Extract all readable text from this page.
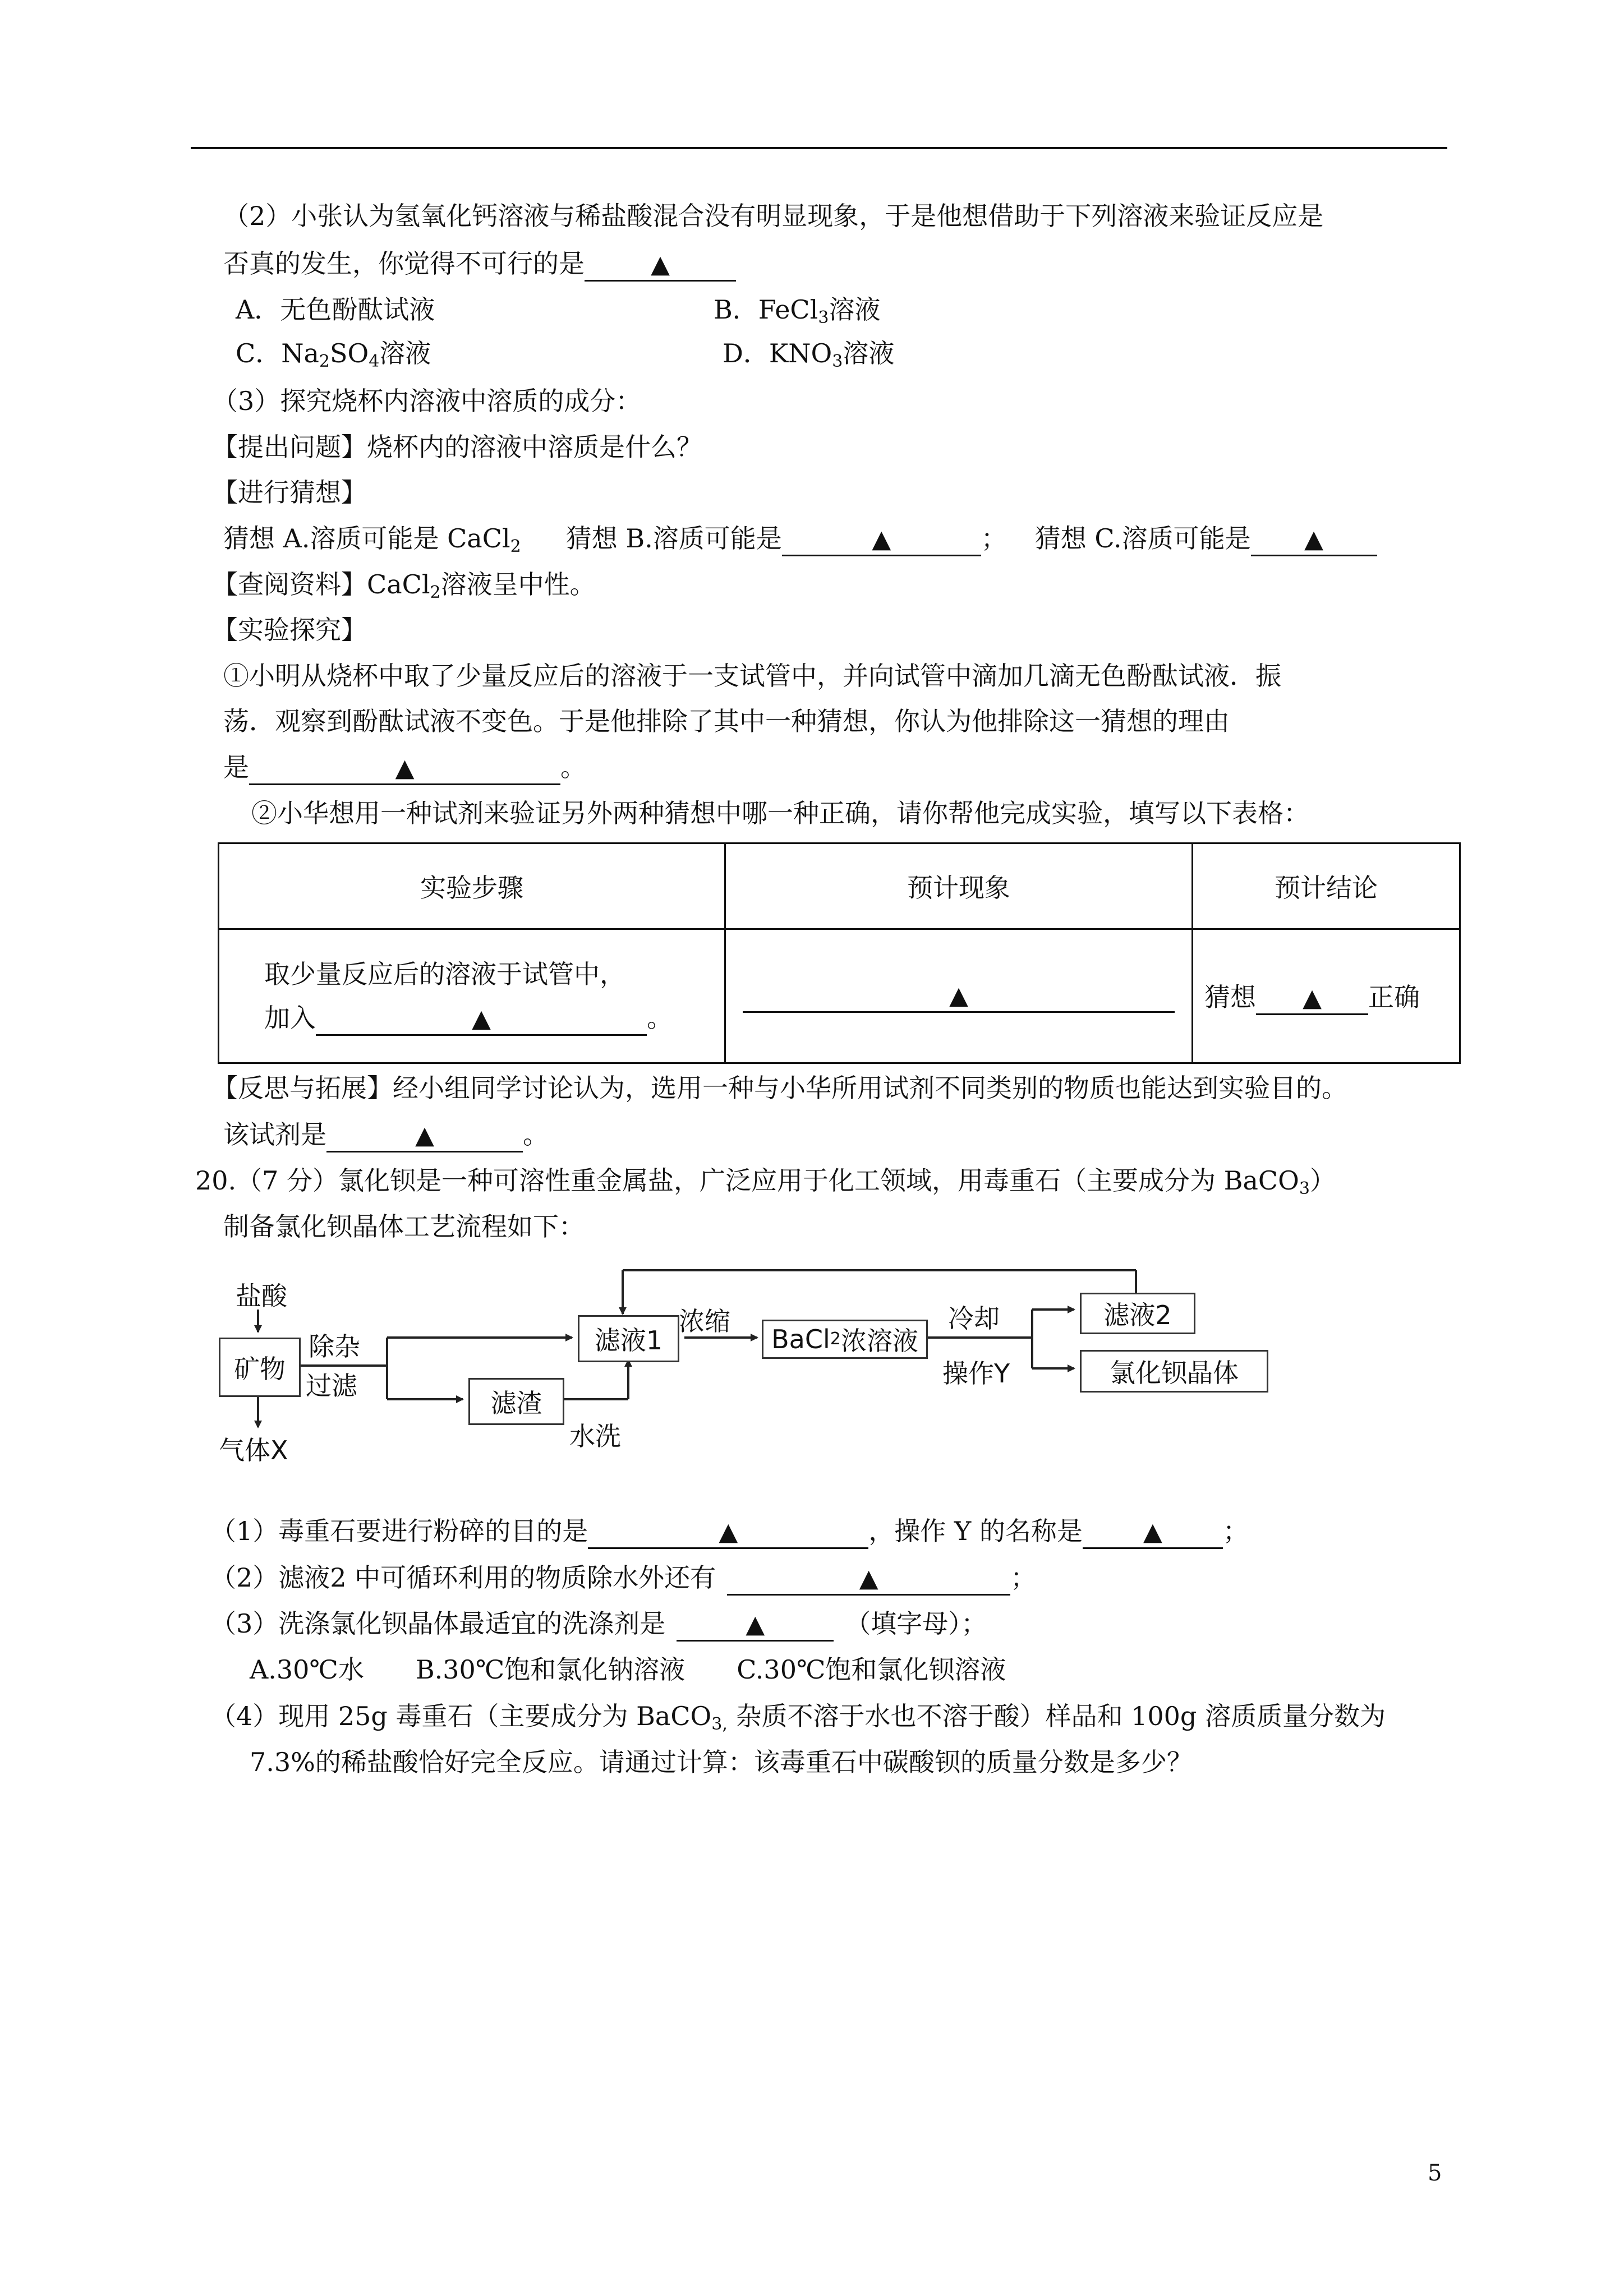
（2）小张认为氢氧化钙溶液与稀盐酸混合没有明显现象，于是他想借助于下列溶液来验证反应是
否真的发生，你觉得不可行的是	▲
A．无色酚酞试液	B．FeCl$_3$溶液
C．$Na_2SO_4$溶液	D．$KNO_3$溶液
（3）探究烧杯内溶液中溶质的成分：
【提出问题】烧杯内的溶液中溶质是什么？
【进行猜想】
猜想 A.溶质可能是 CaCl$_2$ 猜想 B.溶质可能是	▲	； 猜想 C.溶质可能是 ▲
【查阅资料】CaCl$_2$溶液呈中性。
【实验探究】
①小明从烧杯中取了少量反应后的溶液于一支试管中，并向试管中滴加几滴无色酚酞试液．振
荡．观察到酚酞试液不变色。于是他排除了其中一种猜想，你认为他排除这一猜想的理由
是	▲	。
②小华想用一种试剂来验证另外两种猜想中哪一种正确，请你帮他完成实验，填写以下表格：
实验步骤	预计现象	预计结论

取少量反应后的溶液于试管中，
加入 ▲ 。	▲	猜想 ▲ 正确
【反思与拓展】经小组同学讨论认为，选用一种与小华所用试剂不同类别的物质也能达到实验目的。
该试剂是	▲	。
20.（7 分）氯化钡是一种可溶性重金属盐，广泛应用于化工领域，用毒重石（主要成分为 BaCO$_3$）
制备氯化钡晶体工艺流程如下：
盐酸
矿物
气体X
除杂
过滤
滤液1
滤渣
水洗
浓缩
BaCl 2 浓溶液
冷却
操作Y
滤液2
氯化钡晶体
（1）毒重石要进行粉碎的目的是	▲	，操作 Y 的名称是 ▲ ；
（2）滤液2 中可循环利用的物质除水外还有	▲	；
（3）洗涤氯化钡晶体最适宜的洗涤剂是	▲	（填字母）；
A.30℃水　　B.30℃饱和氯化钠溶液　　C.30℃饱和氯化钡溶液
（4）现用 25g 毒重石（主要成分为 BaCO$_{3,}$ 杂质不溶于水也不溶于酸）样品和 100g 溶质质量分数为
7.3%的稀盐酸恰好完全反应。请通过计算：该毒重石中碳酸钡的质量分数是多少？
5
